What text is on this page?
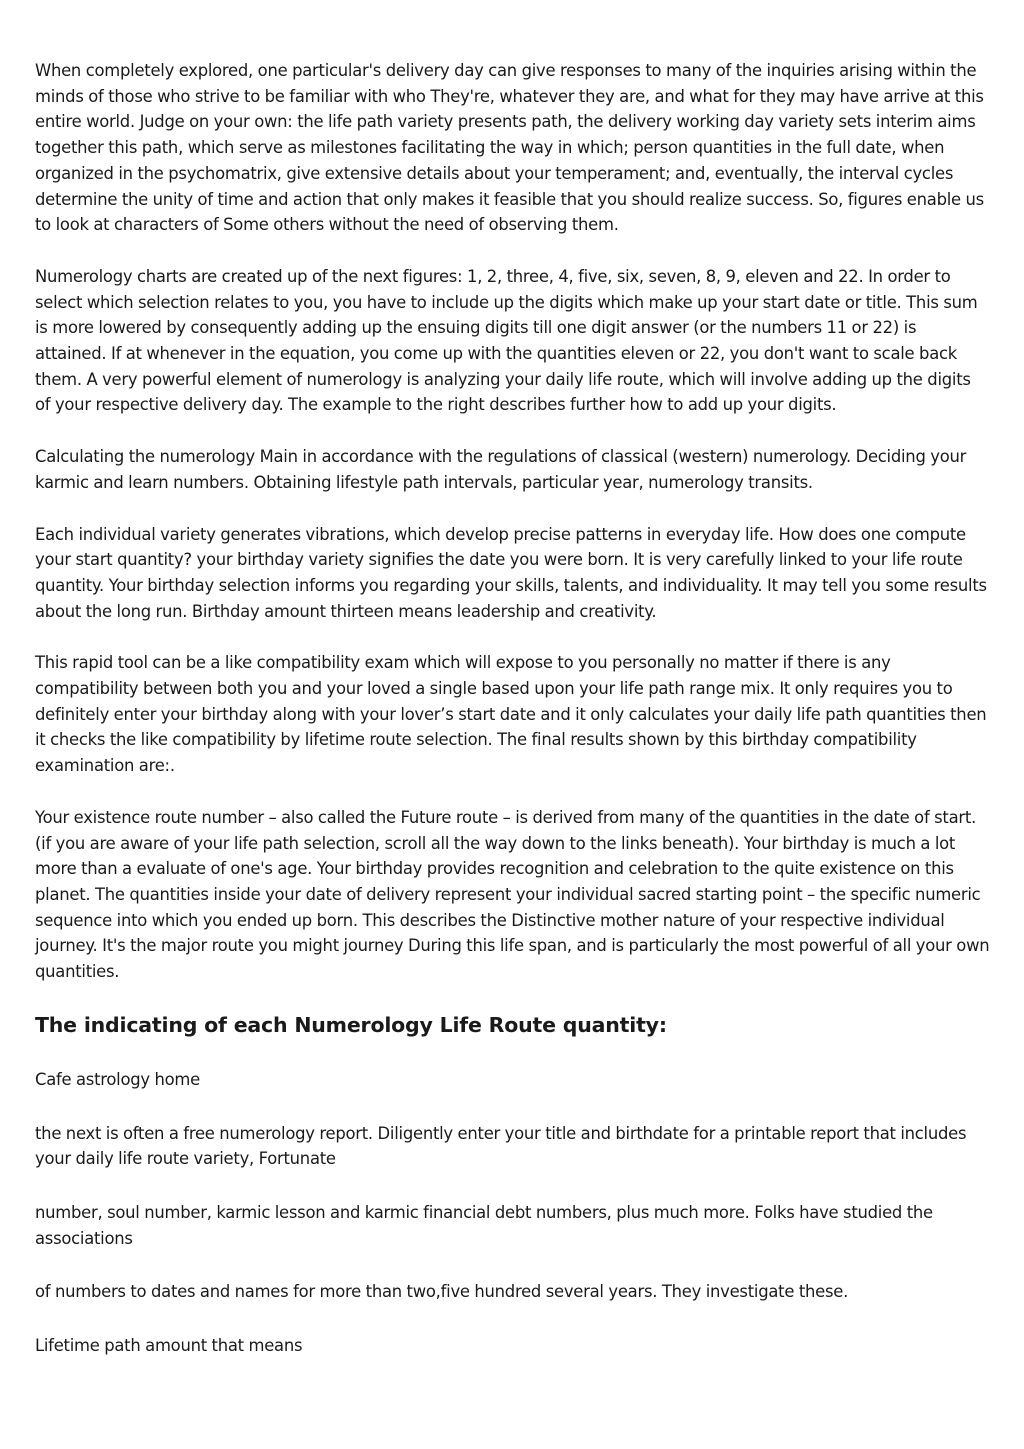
When completely explored, one particular's delivery day can give responses to many of the inquiries arising within the minds of those who strive to be familiar with who They're, whatever they are, and what for they may have arrive at this entire world. Judge on your own: the life path variety presents path, the delivery working day variety sets interim aims together this path, which serve as milestones facilitating the way in which; person quantities in the full date, when organized in the psychomatrix, give extensive details about your temperament; and, eventually, the interval cycles determine the unity of time and action that only makes it feasible that you should realize success. So, figures enable us to look at characters of Some others without the need of observing them.

Numerology charts are created up of the next figures: 1, 2, three, 4, five, six, seven, 8, 9, eleven and 22. In order to select which selection relates to you, you have to include up the digits which make up your start date or title. This sum is more lowered by consequently adding up the ensuing digits till one digit answer (or the numbers 11 or 22) is attained. If at whenever in the equation, you come up with the quantities eleven or 22, you don't want to scale back them. A very powerful element of numerology is analyzing your daily life route, which will involve adding up the digits of your respective delivery day. The example to the right describes further how to add up your digits.

Calculating the numerology Main in accordance with the regulations of classical (western) numerology. Deciding your karmic and learn numbers. Obtaining lifestyle path intervals, particular year, numerology transits.

Each individual variety generates vibrations, which develop precise patterns in everyday life. How does one compute your start quantity? your birthday variety signifies the date you were born. It is very carefully linked to your life route quantity. Your birthday selection informs you regarding your skills, talents, and individuality. It may tell you some results about the long run. Birthday amount thirteen means leadership and creativity.

This rapid tool can be a like compatibility exam which will expose to you personally no matter if there is any compatibility between both you and your loved a single based upon your life path range mix. It only requires you to definitely enter your birthday along with your lover’s start date and it only calculates your daily life path quantities then it checks the like compatibility by lifetime route selection. The final results shown by this birthday compatibility examination are:.

Your existence route number – also called the Future route – is derived from many of the quantities in the date of start. (if you are aware of your life path selection, scroll all the way down to the links beneath). Your birthday is much a lot more than a evaluate of one's age. Your birthday provides recognition and celebration to the quite existence on this planet. The quantities inside your date of delivery represent your individual sacred starting point – the specific numeric sequence into which you ended up born. This describes the Distinctive mother nature of your respective individual journey. It's the major route you might journey During this life span, and is particularly the most powerful of all your own quantities.

The indicating of each Numerology Life Route quantity:

Cafe astrology home

the next is often a free numerology report. Diligently enter your title and birthdate for a printable report that includes your daily life route variety, Fortunate

number, soul number, karmic lesson and karmic financial debt numbers, plus much more. Folks have studied the associations

of numbers to dates and names for more than two,five hundred several years. They investigate these.

Lifetime path amount that means
